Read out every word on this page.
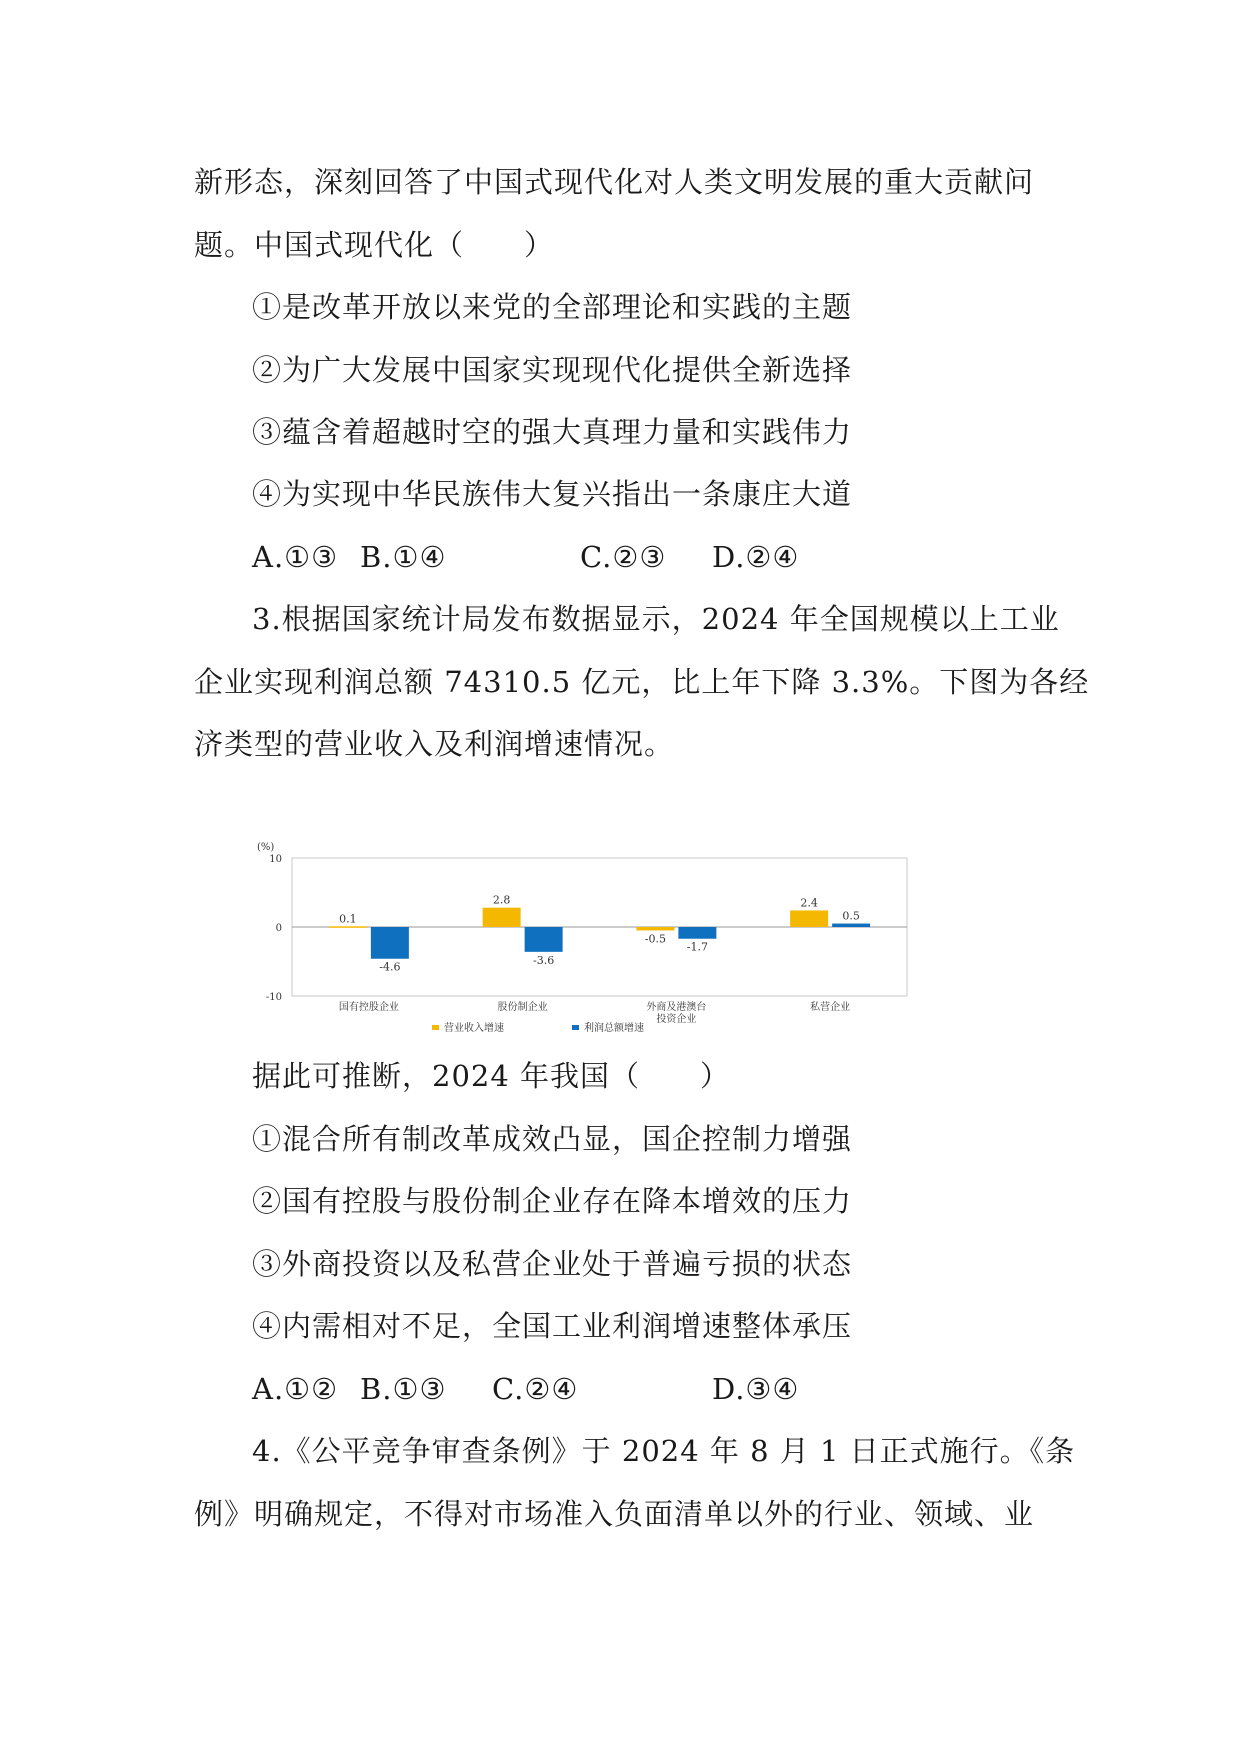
新形态，深刻回答了中国式现代化对人类文明发展的重大贡献问
题。中国式现代化（　　）
①是改革开放以来党的全部理论和实践的主题
②为广大发展中国家实现现代化提供全新选择
③蕴含着超越时空的强大真理力量和实践伟力
④为实现中华民族伟大复兴指出一条康庄大道
A.①③ B.①④	C.②③ D.②④
3.根据国家统计局发布数据显示，2024 年全国规模以上工业
企业实现利润总额 74310.5 亿元，比上年下降 3.3%。下图为各经
济类型的营业收入及利润增速情况。
(%)
10
0
-10
0.1
-4.6
国有控股企业
2.8
-3.6
股份制企业
-0.5
-1.7
外商及港澳台
投资企业
2.4
0.5
私营企业
营业收入增速	利润总额增速
据此可推断，2024 年我国（　　）
①混合所有制改革成效凸显，国企控制力增强
②国有控股与股份制企业存在降本增效的压力
③外商投资以及私营企业处于普遍亏损的状态
④内需相对不足，全国工业利润增速整体承压
A.①② B.①③ C.②④	D.③④
4.《公平竞争审查条例》于 2024 年 8 月 1 日正式施行。《条
例》明确规定，不得对市场准入负面清单以外的行业、领域、业
